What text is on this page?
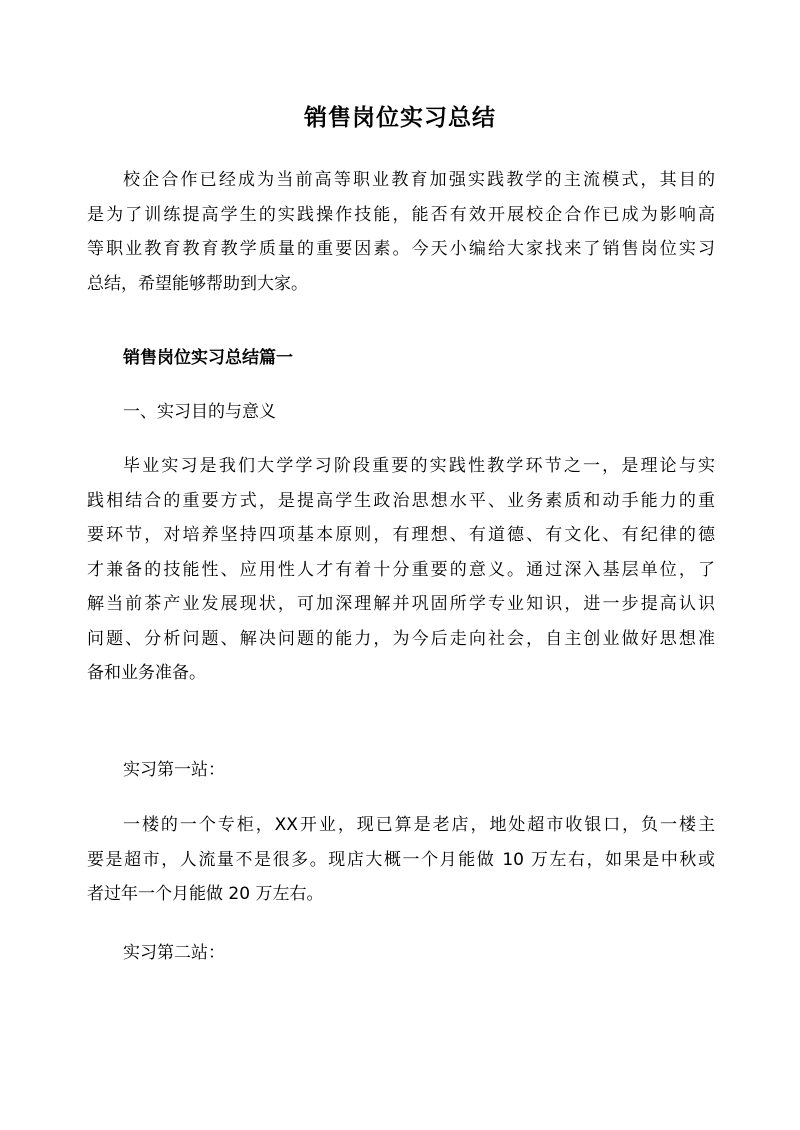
销售岗位实习总结
校企合作已经成为当前高等职业教育加强实践教学的主流模式，其目的
是为了训练提高学生的实践操作技能，能否有效开展校企合作已成为影响高
等职业教育教育教学质量的重要因素。今天小编给大家找来了销售岗位实习
总结，希望能够帮助到大家。

销售岗位实习总结篇一

一、实习目的与意义

毕业实习是我们大学学习阶段重要的实践性教学环节之一，是理论与实
践相结合的重要方式，是提高学生政治思想水平、业务素质和动手能力的重
要环节，对培养坚持四项基本原则，有理想、有道德、有文化、有纪律的德
才兼备的技能性、应用性人才有着十分重要的意义。通过深入基层单位，了
解当前茶产业发展现状，可加深理解并巩固所学专业知识，进一步提高认识
问题、分析问题、解决问题的能力，为今后走向社会，自主创业做好思想准
备和业务准备。

实习第一站：

一楼的一个专柜，XX开业，现已算是老店，地处超市收银口，负一楼主
要是超市，人流量不是很多。现店大概一个月能做 10 万左右，如果是中秋或
者过年一个月能做 20 万左右。

实习第二站：
